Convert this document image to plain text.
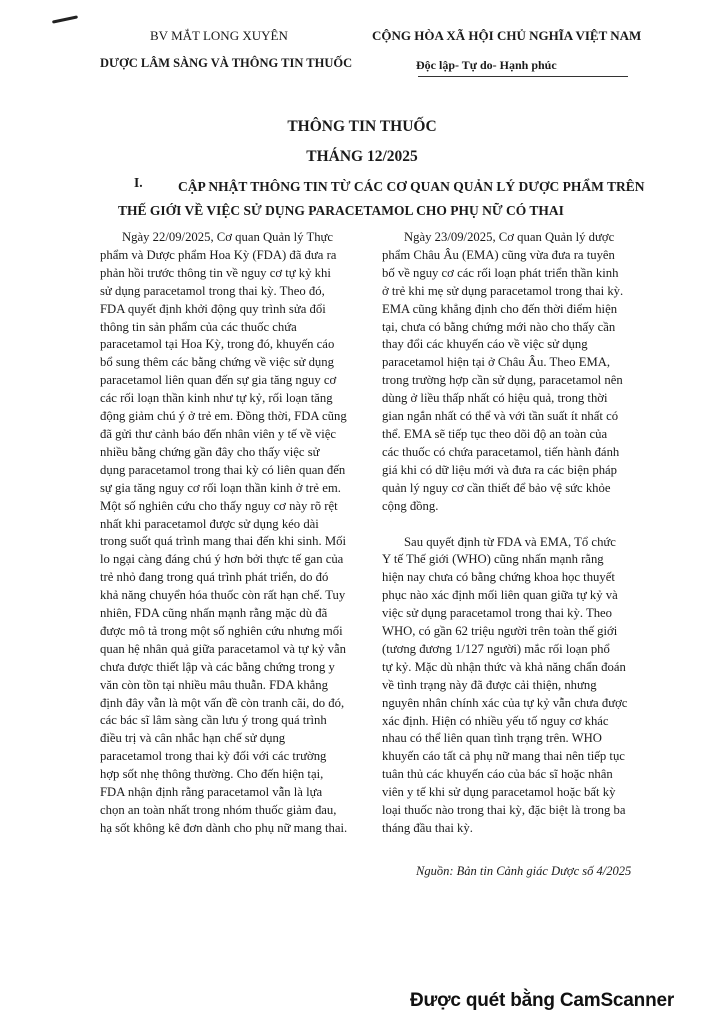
BV MẮT LONG XUYÊN
DƯỢC LÂM SÀNG VÀ THÔNG TIN THUỐC
CỘNG HÒA XÃ HỘI CHỦ NGHĨA VIỆT NAM
Độc lập- Tự do- Hạnh phúc
THÔNG TIN THUỐC
THÁNG 12/2025
I.	CẬP NHẬT THÔNG TIN TỪ CÁC CƠ QUAN QUẢN LÝ DƯỢC PHẨM TRÊN THẾ GIỚI VỀ VIỆC SỬ DỤNG PARACETAMOL CHO PHỤ NỮ CÓ THAI
Ngày 22/09/2025, Cơ quan Quản lý Thực
phẩm và Dược phẩm Hoa Kỳ (FDA) đã đưa ra
phản hồi trước thông tin về nguy cơ tự kỷ khi
sử dụng paracetamol trong thai kỳ. Theo đó,
FDA quyết định khởi động quy trình sửa đổi
thông tin sản phẩm của các thuốc chứa
paracetamol tại Hoa Kỳ, trong đó, khuyến cáo
bổ sung thêm các bằng chứng về việc sử dụng
paracetamol liên quan đến sự gia tăng nguy cơ
các rối loạn thần kinh như tự kỷ, rối loạn tăng
động giảm chú ý ở trẻ em. Đồng thời, FDA cũng
đã gửi thư cảnh báo đến nhân viên y tế về việc
nhiều bằng chứng gần đây cho thấy việc sử
dụng paracetamol trong thai kỳ có liên quan đến
sự gia tăng nguy cơ rối loạn thần kinh ở trẻ em.
Một số nghiên cứu cho thấy nguy cơ này rõ rệt
nhất khi paracetamol được sử dụng kéo dài
trong suốt quá trình mang thai đến khi sinh. Mối
lo ngại càng đáng chú ý hơn bởi thực tế gan của
trẻ nhỏ đang trong quá trình phát triển, do đó
khả năng chuyển hóa thuốc còn rất hạn chế. Tuy
nhiên, FDA cũng nhấn mạnh rằng mặc dù đã
được mô tả trong một số nghiên cứu nhưng mối
quan hệ nhân quả giữa paracetamol và tự kỷ vẫn
chưa được thiết lập và các bằng chứng trong y
văn còn tồn tại nhiều mâu thuẫn. FDA khẳng
định đây vẫn là một vấn đề còn tranh cãi, do đó,
các bác sĩ lâm sàng cần lưu ý trong quá trình
điều trị và cân nhắc hạn chế sử dụng
paracetamol trong thai kỳ đối với các trường
hợp sốt nhẹ thông thường. Cho đến hiện tại,
FDA nhận định rằng paracetamol vẫn là lựa
chọn an toàn nhất trong nhóm thuốc giảm đau,
hạ sốt không kê đơn dành cho phụ nữ mang thai.
Ngày 23/09/2025, Cơ quan Quản lý dược
phẩm Châu Âu (EMA) cũng vừa đưa ra tuyên
bố về nguy cơ các rối loạn phát triển thần kinh
ở trẻ khi mẹ sử dụng paracetamol trong thai kỳ.
EMA cũng khẳng định cho đến thời điểm hiện
tại, chưa có bằng chứng mới nào cho thấy cần
thay đổi các khuyến cáo về việc sử dụng
paracetamol hiện tại ở Châu Âu. Theo EMA,
trong trường hợp cần sử dụng, paracetamol nên
dùng ở liều thấp nhất có hiệu quả, trong thời
gian ngắn nhất có thể và với tần suất ít nhất có
thể. EMA sẽ tiếp tục theo dõi độ an toàn của
các thuốc có chứa paracetamol, tiến hành đánh
giá khi có dữ liệu mới và đưa ra các biện pháp
quản lý nguy cơ cần thiết để bảo vệ sức khỏe
cộng đồng.
Sau quyết định từ FDA và EMA, Tổ chức
Y tế Thế giới (WHO) cũng nhấn mạnh rằng
hiện nay chưa có bằng chứng khoa học thuyết
phục nào xác định mối liên quan giữa tự kỷ và
việc sử dụng paracetamol trong thai kỳ. Theo
WHO, có gần 62 triệu người trên toàn thế giới
(tương đương 1/127 người) mắc rối loạn phổ
tự kỷ. Mặc dù nhận thức và khả năng chẩn đoán
về tình trạng này đã được cải thiện, nhưng
nguyên nhân chính xác của tự kỷ vẫn chưa được
xác định. Hiện có nhiều yếu tố nguy cơ khác
nhau có thể liên quan tình trạng trên. WHO
khuyến cáo tất cả phụ nữ mang thai nên tiếp tục
tuân thủ các khuyến cáo của bác sĩ hoặc nhân
viên y tế khi sử dụng paracetamol hoặc bất kỳ
loại thuốc nào trong thai kỳ, đặc biệt là trong ba
tháng đầu thai kỳ.
Nguồn: Bản tin Cảnh giác Dược số 4/2025
Được quét bằng CamScanner
